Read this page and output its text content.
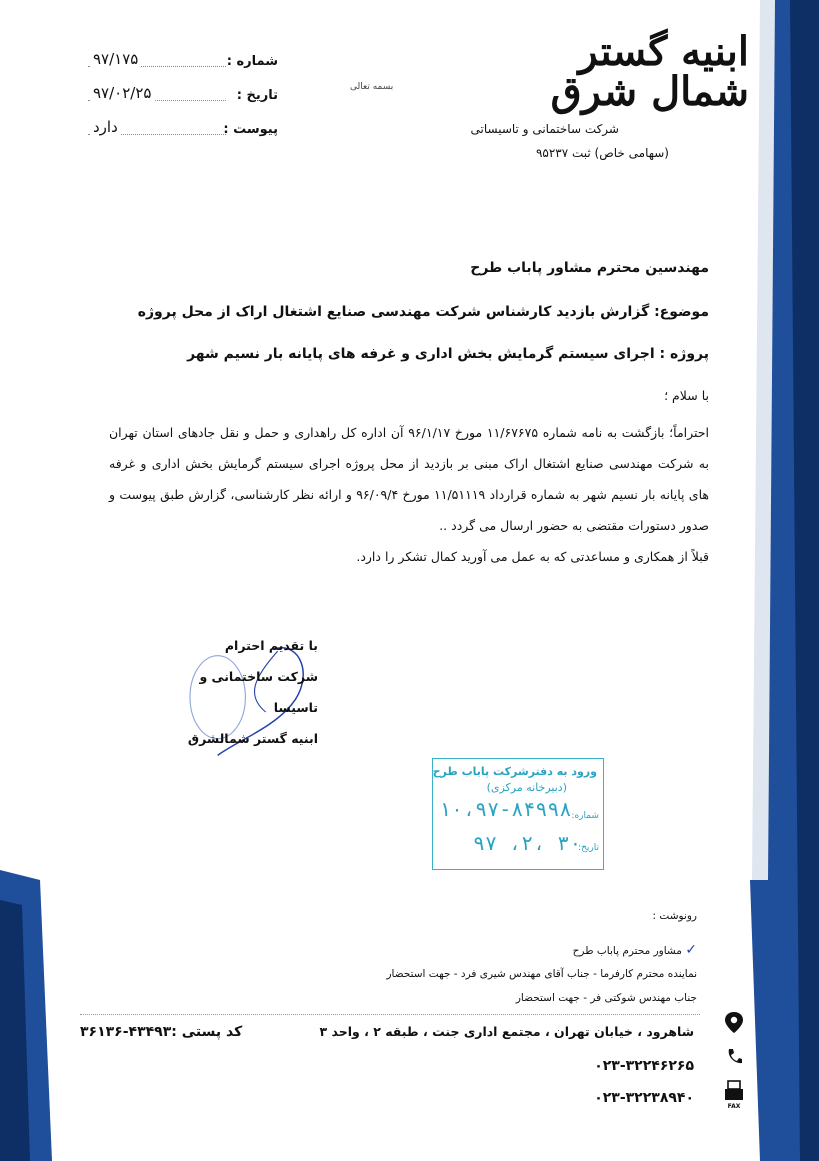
بسمه تعالی
ابنیه گستر شمال شرق
شرکت ساختمانی و تاسیساتی
(سهامی خاص) ثبت ۹۵۲۳۷
شماره :
۹۷/۱۷۵
تاریخ :
۹۷/۰۲/۲۵
پیوست :
دارد
مهندسین محترم مشاور پاباب طرح
موضوع: گزارش بازدید کارشناس شرکت مهندسی صنایع اشتغال اراک از محل پروژه
پروژه : اجرای سیستم گرمایش بخش اداری و غرفه های پایانه بار نسیم شهر

با سلام ؛

احتراماً؛ بازگشت به نامه شماره ۱۱/۶۷۶۷۵ مورخ ۹۶/۱/۱۷ آن اداره کل راهداری و حمل و نقل جادهای استان تهران به شرکت مهندسی صنایع اشتغال اراک مبنی بر بازدید از محل پروژه اجرای سیستم گرمایش بخش اداری و غرفه های پایانه بار نسیم شهر به شماره قرارداد ۱۱/۵۱۱۱۹ مورخ ۹۶/۰۹/۴ و ارائه نظر کارشناسی، گزارش طبق پیوست و صدور دستورات مقتضی به حضور ارسال می گردد ..

قبلاً از همکاری و مساعدتی که به عمل می آورید کمال تشکر را دارد.

با تقدیم احترام
شرکت ساختمانی و تاسیسا
ابنیه گستر شمالشرق
ورود به دفترشرکت پاباب طرح
(دبیرخانه مرکزی)
شماره:
۱۰،۹۷-۸۴۹۹۸
تاریخ:
۹۷ ،۲، ۳۰
رونوشت :
✓ مشاور محترم پاباب طرح
نماینده محترم کارفرما - جناب آقای مهندس شیری فرد - جهت استحضار
جناب مهندس شوکتی فر - جهت استحضار
شاهرود ، خیابان تهران ، مجتمع اداری جنت ، طبقه ۲ ، واحد ۳
کد پستی :۴۳۴۹۳-۳۶۱۳۶
۰۲۳-۳۲۲۴۶۲۶۵
۰۲۳-۳۲۲۳۸۹۴۰
FAX
